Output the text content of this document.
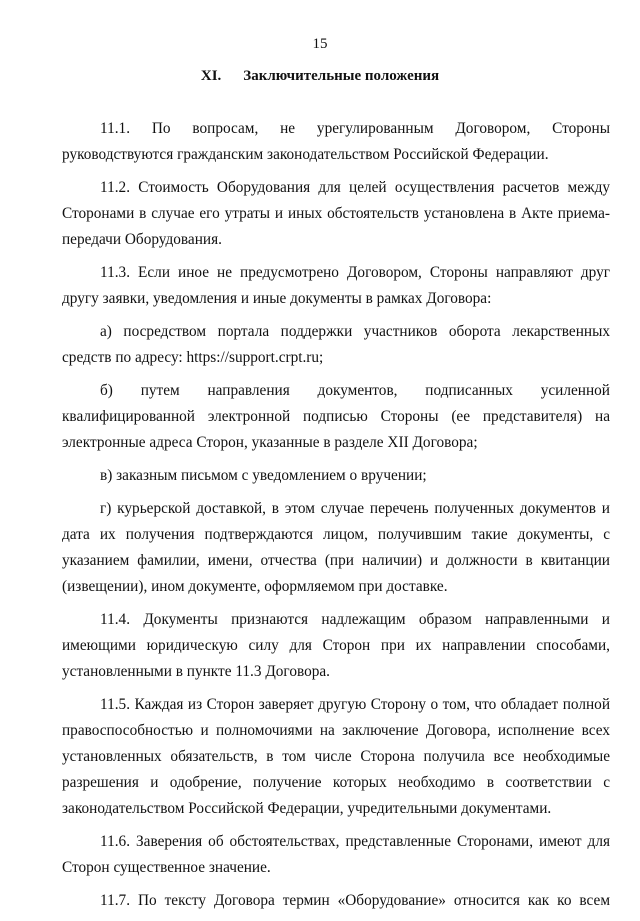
15
XI. Заключительные положения

11.1. По вопросам, не урегулированным Договором, Стороны руководствуются гражданским законодательством Российской Федерации.

11.2. Стоимость Оборудования для целей осуществления расчетов между Сторонами в случае его утраты и иных обстоятельств установлена в Акте приема-передачи Оборудования.

11.3. Если иное не предусмотрено Договором, Стороны направляют друг другу заявки, уведомления и иные документы в рамках Договора:

а) посредством портала поддержки участников оборота лекарственных средств по адресу: https://support.crpt.ru;

б) путем направления документов, подписанных усиленной квалифицированной электронной подписью Стороны (ее представителя) на электронные адреса Сторон, указанные в разделе XII Договора;

в) заказным письмом с уведомлением о вручении;

г) курьерской доставкой, в этом случае перечень полученных документов и дата их получения подтверждаются лицом, получившим такие документы, с указанием фамилии, имени, отчества (при наличии) и должности в квитанции (извещении), ином документе, оформляемом при доставке.

11.4. Документы признаются надлежащим образом направленными и имеющими юридическую силу для Сторон при их направлении способами, установленными в пункте 11.3 Договора.

11.5. Каждая из Сторон заверяет другую Сторону о том, что обладает полной правоспособностью и полномочиями на заключение Договора, исполнение всех установленных обязательств, в том числе Сторона получила все необходимые разрешения и одобрение, получение которых необходимо в соответствии с законодательством Российской Федерации, учредительными документами.

11.6. Заверения об обстоятельствах, представленные Сторонами, имеют для Сторон существенное значение.

11.7. По тексту Договора термин «Оборудование» относится как ко всем
